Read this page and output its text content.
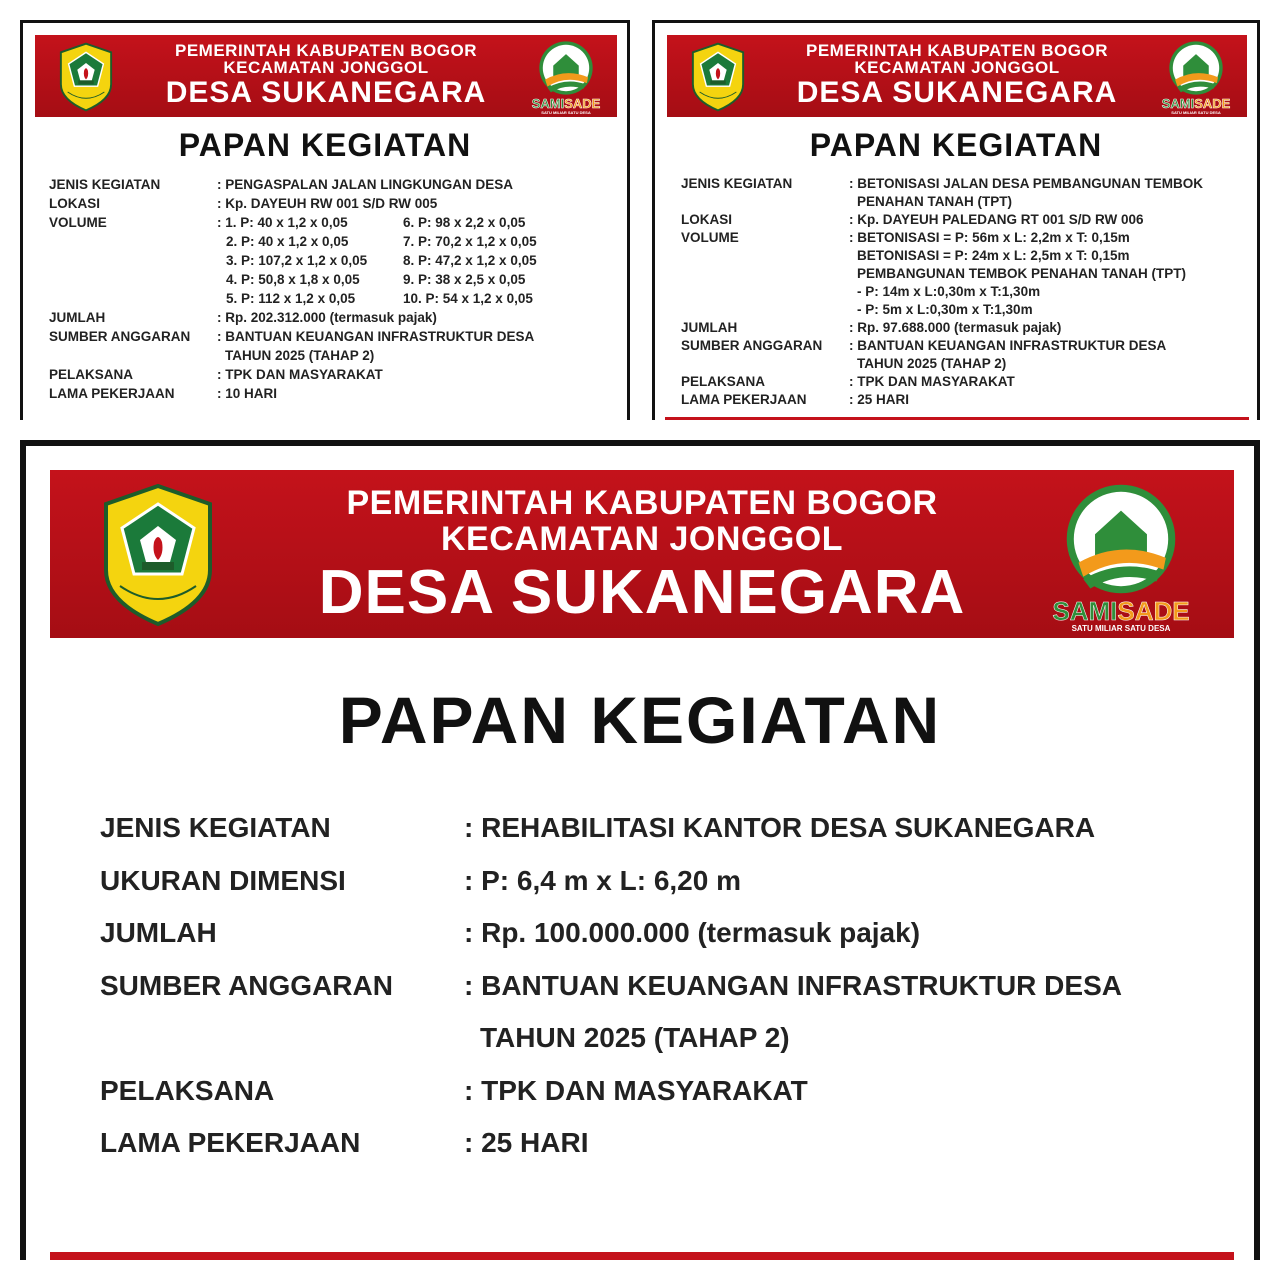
PEMERINTAH KABUPATEN BOGOR
KECAMATAN JONGGOL
DESA SUKANEGARA	SAMISADE
SATU MILIAR SATU DESA
PAPAN KEGIATAN
JENIS KEGIATAN	: PENGASPALAN JALAN LINGKUNGAN DESA
LOKASI	: Kp. DAYEUH RW 001 S/D RW 005
VOLUME	: 1. P: 40 x 1,2 x 0,05	6. P: 98 x 2,2 x 0,05
2. P: 40 x 1,2 x 0,05	7. P: 70,2 x 1,2 x 0,05
3. P: 107,2 x 1,2 x 0,05	8. P: 47,2 x 1,2 x 0,05
4. P: 50,8 x 1,8 x 0,05	9. P: 38 x 2,5 x 0,05
5. P: 112 x 1,2 x 0,05	10. P: 54 x 1,2 x 0,05
JUMLAH	: Rp. 202.312.000 (termasuk pajak)
SUMBER ANGGARAN	: BANTUAN KEUANGAN INFRASTRUKTUR DESA
TAHUN 2025 (TAHAP 2)
PELAKSANA	: TPK DAN MASYARAKAT
LAMA PEKERJAAN	: 10 HARI
PEMERINTAH KABUPATEN BOGOR
KECAMATAN JONGGOL
DESA SUKANEGARA	SAMISADE
SATU MILIAR SATU DESA
PAPAN KEGIATAN
JENIS KEGIATAN	: BETONISASI JALAN DESA PEMBANGUNAN TEMBOK
PENAHAN TANAH (TPT)
LOKASI	: Kp. DAYEUH PALEDANG RT 001 S/D RW 006
VOLUME	: BETONISASI = P: 56m x L: 2,2m x T: 0,15m
BETONISASI = P: 24m x L: 2,5m x T: 0,15m
PEMBANGUNAN TEMBOK PENAHAN TANAH (TPT)
- P: 14m x L:0,30m x T:1,30m
- P: 5m x L:0,30m x T:1,30m
JUMLAH	: Rp. 97.688.000 (termasuk pajak)
SUMBER ANGGARAN	: BANTUAN KEUANGAN INFRASTRUKTUR DESA
TAHUN 2025 (TAHAP 2)
PELAKSANA	: TPK DAN MASYARAKAT
LAMA PEKERJAAN	: 25 HARI
PEMERINTAH KABUPATEN BOGOR
KECAMATAN JONGGOL
DESA SUKANEGARA	SAMISADE
SATU MILIAR SATU DESA
PAPAN KEGIATAN
JENIS KEGIATAN	: REHABILITASI KANTOR DESA SUKANEGARA
UKURAN DIMENSI	: P: 6,4 m x L: 6,20 m
JUMLAH	: Rp. 100.000.000 (termasuk pajak)
SUMBER ANGGARAN	: BANTUAN KEUANGAN INFRASTRUKTUR DESA
TAHUN 2025 (TAHAP 2)
PELAKSANA	: TPK DAN MASYARAKAT
LAMA PEKERJAAN	: 25 HARI
